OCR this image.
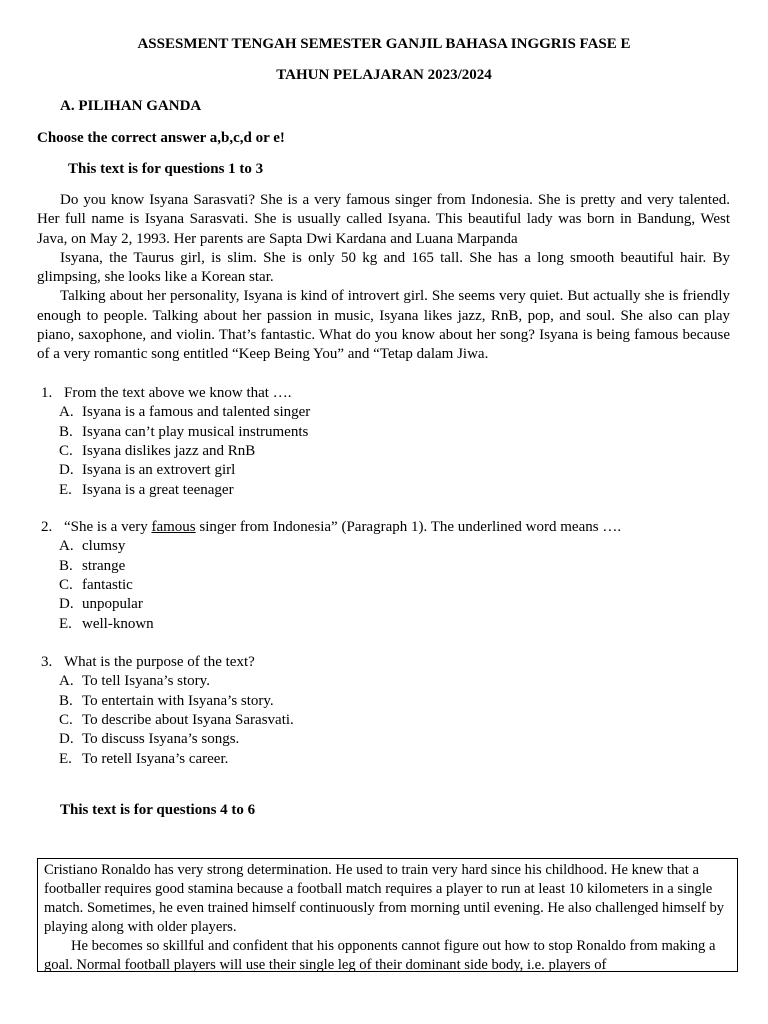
ASSESMENT TENGAH SEMESTER GANJIL BAHASA INGGRIS FASE E
TAHUN PELAJARAN 2023/2024
A. PILIHAN GANDA
Choose the correct answer a,b,c,d or e!
This text is for questions 1 to 3

Do you know Isyana Sarasvati? She is a very famous singer from Indonesia. She is pretty and very talented. Her full name is Isyana Sarasvati. She is usually called Isyana. This beautiful lady was born in Bandung, West Java, on May 2, 1993. Her parents are Sapta Dwi Kardana and Luana Marpanda

Isyana, the Taurus girl, is slim. She is only 50 kg and 165 tall. She has a long smooth beautiful hair. By glimpsing, she looks like a Korean star.

Talking about her personality, Isyana is kind of introvert girl. She seems very quiet. But actually she is friendly enough to people. Talking about her passion in music, Isyana likes jazz, RnB, pop, and soul. She also can play piano, saxophone, and violin. That’s fantastic. What do you know about her song? Isyana is being famous because of a very romantic song entitled “Keep Being You” and “Tetap dalam Jiwa.

1. From the text above we know that ….
A. Isyana is a famous and talented singer
B. Isyana can’t play musical instruments
C. Isyana dislikes jazz and RnB
D. Isyana is an extrovert girl
E. Isyana is a great teenager
2. “She is a very famous singer from Indonesia” (Paragraph 1). The underlined word means ….
A. clumsy
B. strange
C. fantastic
D. unpopular
E. well-known
3. What is the purpose of the text?
A. To tell Isyana’s story.
B. To entertain with Isyana’s story.
C. To describe about Isyana Sarasvati.
D. To discuss Isyana’s songs.
E. To retell Isyana’s career.
This text is for questions 4 to 6

Cristiano Ronaldo has very strong determination. He used to train very hard since his childhood. He knew that a footballer requires good stamina because a football match requires a player to run at least 10 kilometers in a single match. Sometimes, he even trained himself continuously from morning until evening. He also challenged himself by playing along with older players.

He becomes so skillful and confident that his opponents cannot figure out how to stop Ronaldo from making a goal. Normal football players will use their single leg of their dominant side body, i.e. players of
